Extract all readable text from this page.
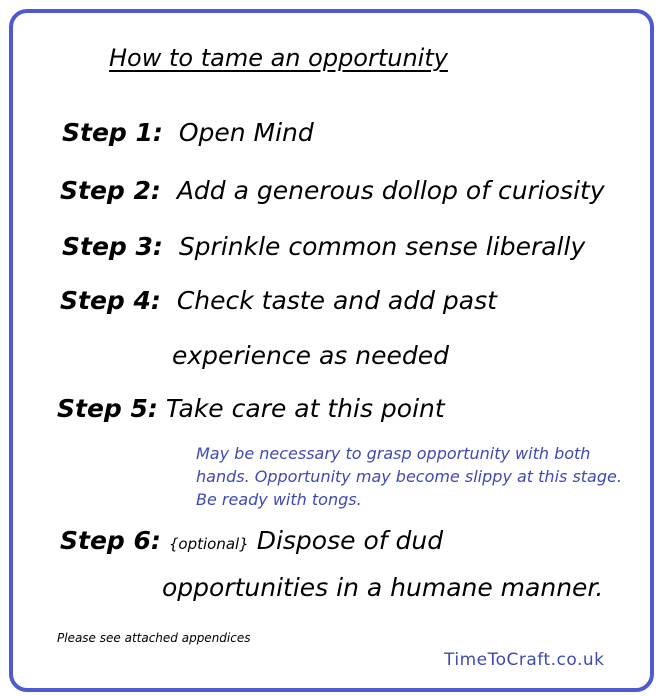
How to tame an opportunity
Step 1: Open Mind
Step 2: Add a generous dollop of curiosity
Step 3: Sprinkle common sense liberally
Step 4: Check taste and add past
experience as needed
Step 5: Take care at this point
May be necessary to grasp opportunity with both hands. Opportunity may become slippy at this stage. Be ready with tongs.
Step 6: {optional} Dispose of dud
opportunities in a humane manner.
Please see attached appendices
TimeToCraft.co.uk
